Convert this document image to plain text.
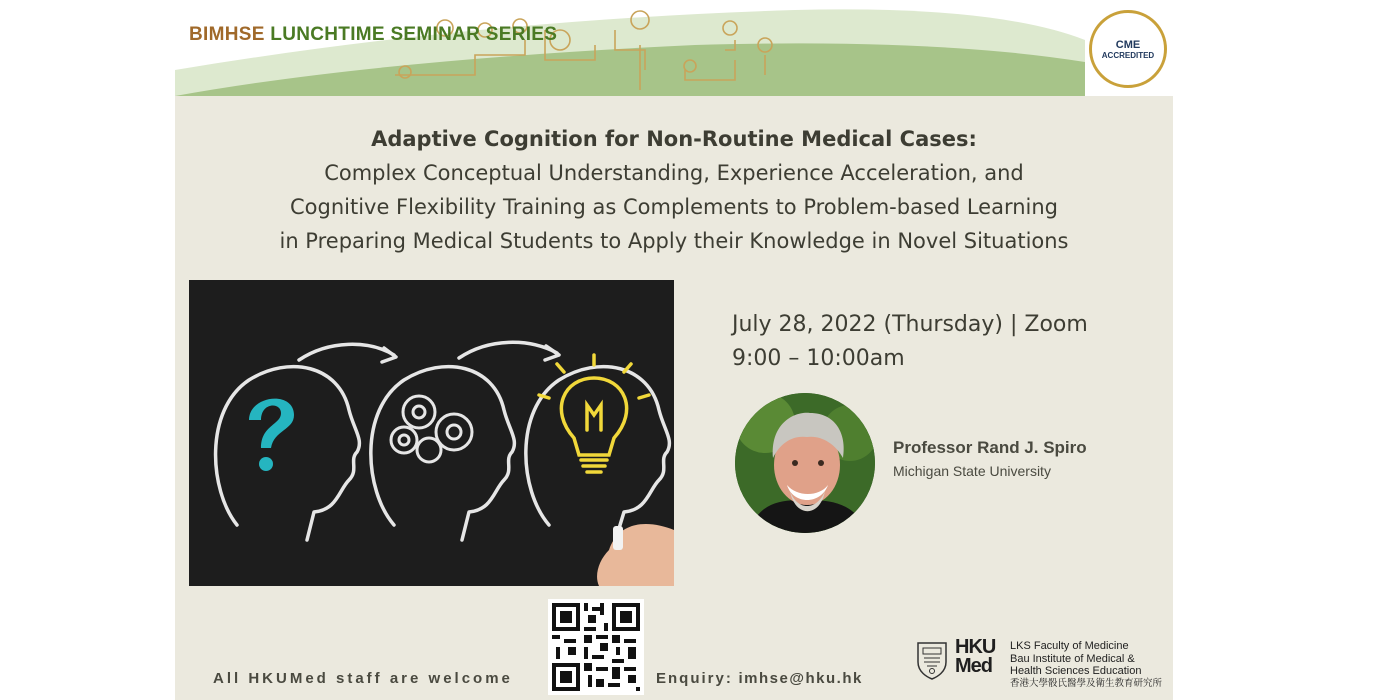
BIMHSE LUNCHTIME SEMINAR SERIES	CME
ACCREDITED
Adaptive Cognition for Non-Routine Medical Cases:
Complex Conceptual Understanding, Experience Acceleration, and
Cognitive Flexibility Training as Complements to Problem-based Learning
in Preparing Medical Students to Apply their Knowledge in Novel Situations
July 28, 2022 (Thursday) | Zoom
9:00 – 10:00am
Professor Rand J. Spiro
Michigan State University
All HKUMed staff are welcome	Enquiry: imhse@hku.hk
HKU
Med
LKS Faculty of Medicine
Bau Institute of Medical &
Health Sciences Education
香港大學骰氏醫學及衛生教育研究所
